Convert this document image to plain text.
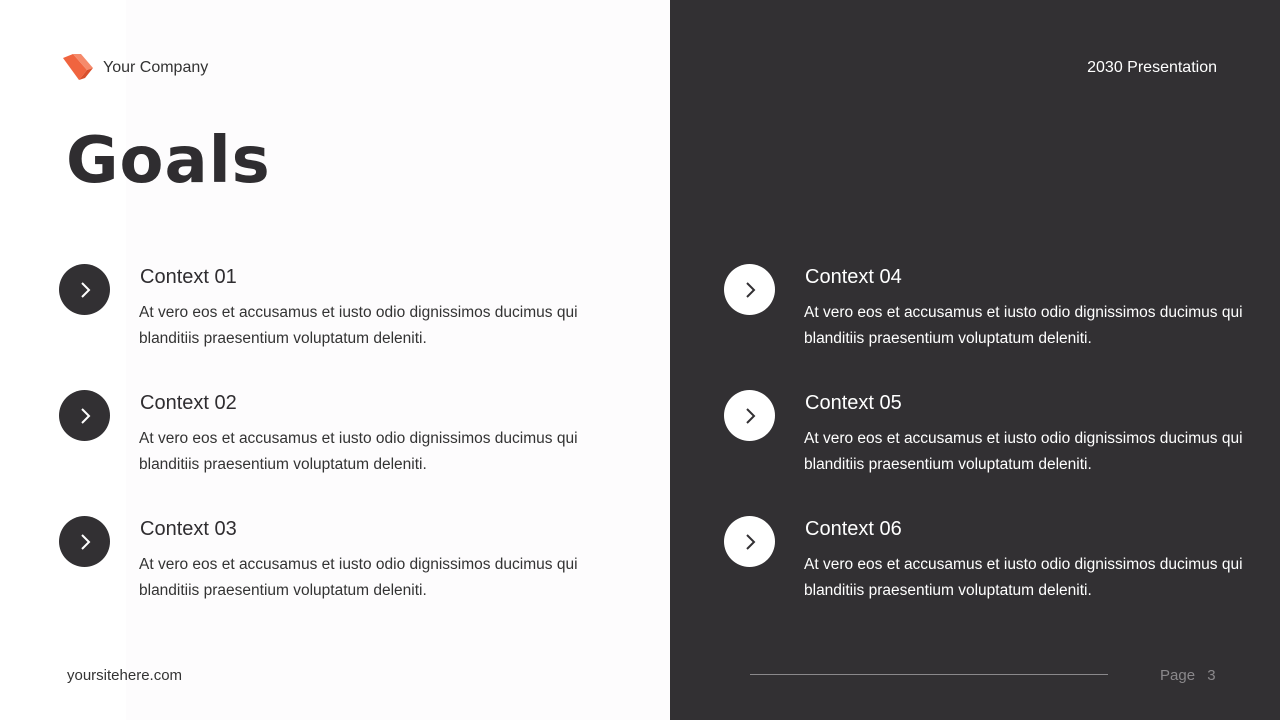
Your Company	2030 Presentation
Goals
Context 01

At vero eos et accusamus et iusto odio dignissimos ducimus qui blanditiis praesentium voluptatum deleniti.

Context 02

At vero eos et accusamus et iusto odio dignissimos ducimus qui blanditiis praesentium voluptatum deleniti.

Context 03

At vero eos et accusamus et iusto odio dignissimos ducimus qui blanditiis praesentium voluptatum deleniti.

Context 04

At vero eos et accusamus et iusto odio dignissimos ducimus qui blanditiis praesentium voluptatum deleniti.

Context 05

At vero eos et accusamus et iusto odio dignissimos ducimus qui blanditiis praesentium voluptatum deleniti.

Context 06

At vero eos et accusamus et iusto odio dignissimos ducimus qui blanditiis praesentium voluptatum deleniti.

yoursitehere.com	Page 3
